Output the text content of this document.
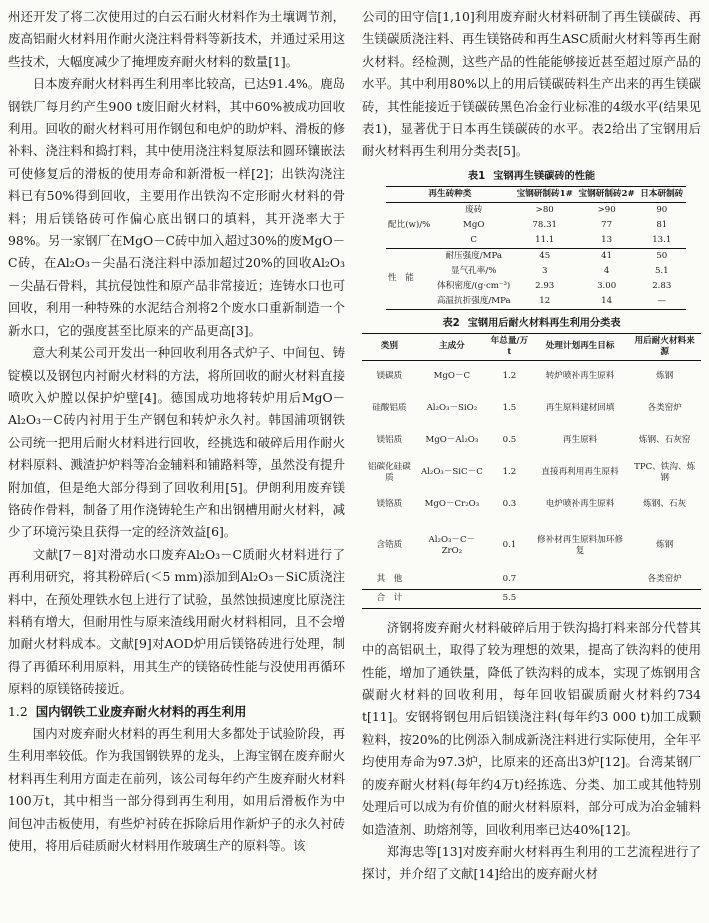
州还开发了将二次使用过的白云石耐火材料作为土壤调节剂，废高铝耐火材料用作耐火浇注料骨料等新技术，并通过采用这些技术，大幅度减少了掩埋废弃耐火材料的数量[1]。

日本废弃耐火材料再生利用率比较高，已达91.4%。鹿岛钢铁厂每月约产生900 t废旧耐火材料，其中60%被成功回收利用。回收的耐火材料可用作钢包和电炉的助炉料、滑板的修补料、浇注料和捣打料，其中使用浇注料复原法和圆环镶嵌法可使修复后的滑板的使用寿命和新滑板一样[2]；出铁沟浇注料已有50%得到回收，主要用作出铁沟不定形耐火材料的骨料；用后镁铬砖可作偏心底出钢口的填料，其开浇率大于98%。另一家钢厂在MgO－C砖中加入超过30%的废MgO－C砖，在Al₂O₃－尖晶石浇注料中添加超过20%的回收Al₂O₃－尖晶石骨料，其抗侵蚀性和原产品非常接近；连铸水口也可回收，利用一种特殊的水泥结合剂将2个废水口重新制造一个新水口，它的强度甚至比原来的产品更高[3]。

意大利某公司开发出一种回收利用各式炉子、中间包、铸锭模以及钢包内衬耐火材料的方法，将所回收的耐火材料直接喷吹入炉膛以保护炉壁[4]。德国成功地将转炉用后MgO－Al₂O₃－C砖内衬用于生产钢包和转炉永久衬。韩国浦项钢铁公司统一把用后耐火材料进行回收，经挑选和破碎后用作耐火材料原料、溅渣护炉料等冶金辅料和铺路料等，虽然没有提升附加值，但是绝大部分得到了回收利用[5]。伊朗利用废弃镁铬砖作骨料，制备了用作浇铸轮生产和出钢槽用耐火材料，减少了环境污染且获得一定的经济效益[6]。

文献[7－8]对滑动水口废弃Al₂O₃－C质耐火材料进行了再利用研究，将其粉碎后(＜5 mm)添加到Al₂O₃－SiC质浇注料中，在预处理铁水包上进行了试验，虽然蚀损速度比原浇注料稍有增大，但耐用性与原来渣线用耐火材料相同，且不会增加耐火材料成本。文献[9]对AOD炉用后镁铬砖进行处理，制得了再循环利用原料，用其生产的镁铬砖性能与没使用再循环原料的原镁铬砖接近。

1.2 国内钢铁工业废弃耐火材料的再生利用

国内对废弃耐火材料的再生利用大多都处于试验阶段，再生利用率较低。作为我国钢铁界的龙头，上海宝钢在废弃耐火材料再生利用方面走在前列，该公司每年约产生废弃耐火材料100万t，其中相当一部分得到再生利用，如用后滑板作为中间包冲击板使用，有些炉衬砖在拆除后用作新炉子的永久衬砖使用，将用后硅质耐火材料用作玻璃生产的原料等。该

公司的田守信[1,10]利用废弃耐火材料研制了再生镁碳砖、再生镁碳质浇注料、再生镁铬砖和再生ASC质耐火材料等再生耐火材料。经检测，这些产品的性能能够接近甚至超过原产品的水平。其中利用80%以上的用后镁碳砖料生产出来的再生镁碳砖，其性能接近于镁碳砖黑色冶金行业标准的4级水平(结果见表1)，显著优于日本再生镁碳砖的水平。表2给出了宝钢用后耐火材料再生利用分类表[5]。

表1 宝钢再生镁碳砖的性能
再生砖种类		宝钢研制砖1#	宝钢研制砖2#	日本研制砖
配比(w)/%	废砖	>80	>90	90
	MgO	78.31	77	81
	C	11.1	13	13.1
性　能	耐压强度/MPa	45	41	50
	显气孔率/%	3	4	5.1
	体积密度/(g·cm⁻³)	2.93	3.00	2.83
	高温抗折强度/MPa	12	14	—
表2 宝钢用后耐火材料再生利用分类表
类别	主成分	年总量/万t	处理计划再生目标	用后耐火材料来源
镁碳质	MgO－C	1.2	转炉喷补再生原料	炼钢
硅酸铝质	Al₂O₃－SiO₂	1.5	再生原料建材回填	各类窑炉
镁铝质	MgO－Al₂O₃	0.5	再生原料	炼钢、石灰窑
铝碳化硅碳质	Al₂O₃－SiC－C	1.2	直接再利用再生原料	TPC、铁沟、炼钢
镁铬质	MgO－Cr₂O₃	0.3	电炉喷补再生原料	炼钢、石灰
含锆质	Al₂O₃－C－ZrO₂	0.1	修补材再生原料加环修复	炼钢
其　他		0.7		各类窑炉
合　计		5.5		

济钢将废弃耐火材料破碎后用于铁沟捣打料来部分代替其中的高铝矾土，取得了较为理想的效果，提高了铁沟料的使用性能，增加了通铁量，降低了铁沟料的成本，实现了炼钢用含碳耐火材料的回收利用，每年回收铝碳质耐火材料约734 t[11]。安钢将钢包用后铝镁浇注料(每年约3 000 t)加工成颗粒料，按20%的比例添入制成新浇注料进行实际使用，全年平均使用寿命为97.3炉，比原来的还高出3炉[12]。台湾某钢厂的废弃耐火材料(每年约4万t)经拣选、分类、加工或其他特别处理后可以成为有价值的耐火材料原料，部分可成为冶金辅料如造渣剂、助熔剂等，回收利用率已达40%[12]。

郑海忠等[13]对废弃耐火材料再生利用的工艺流程进行了探讨，并介绍了文献[14]给出的废弃耐火材
